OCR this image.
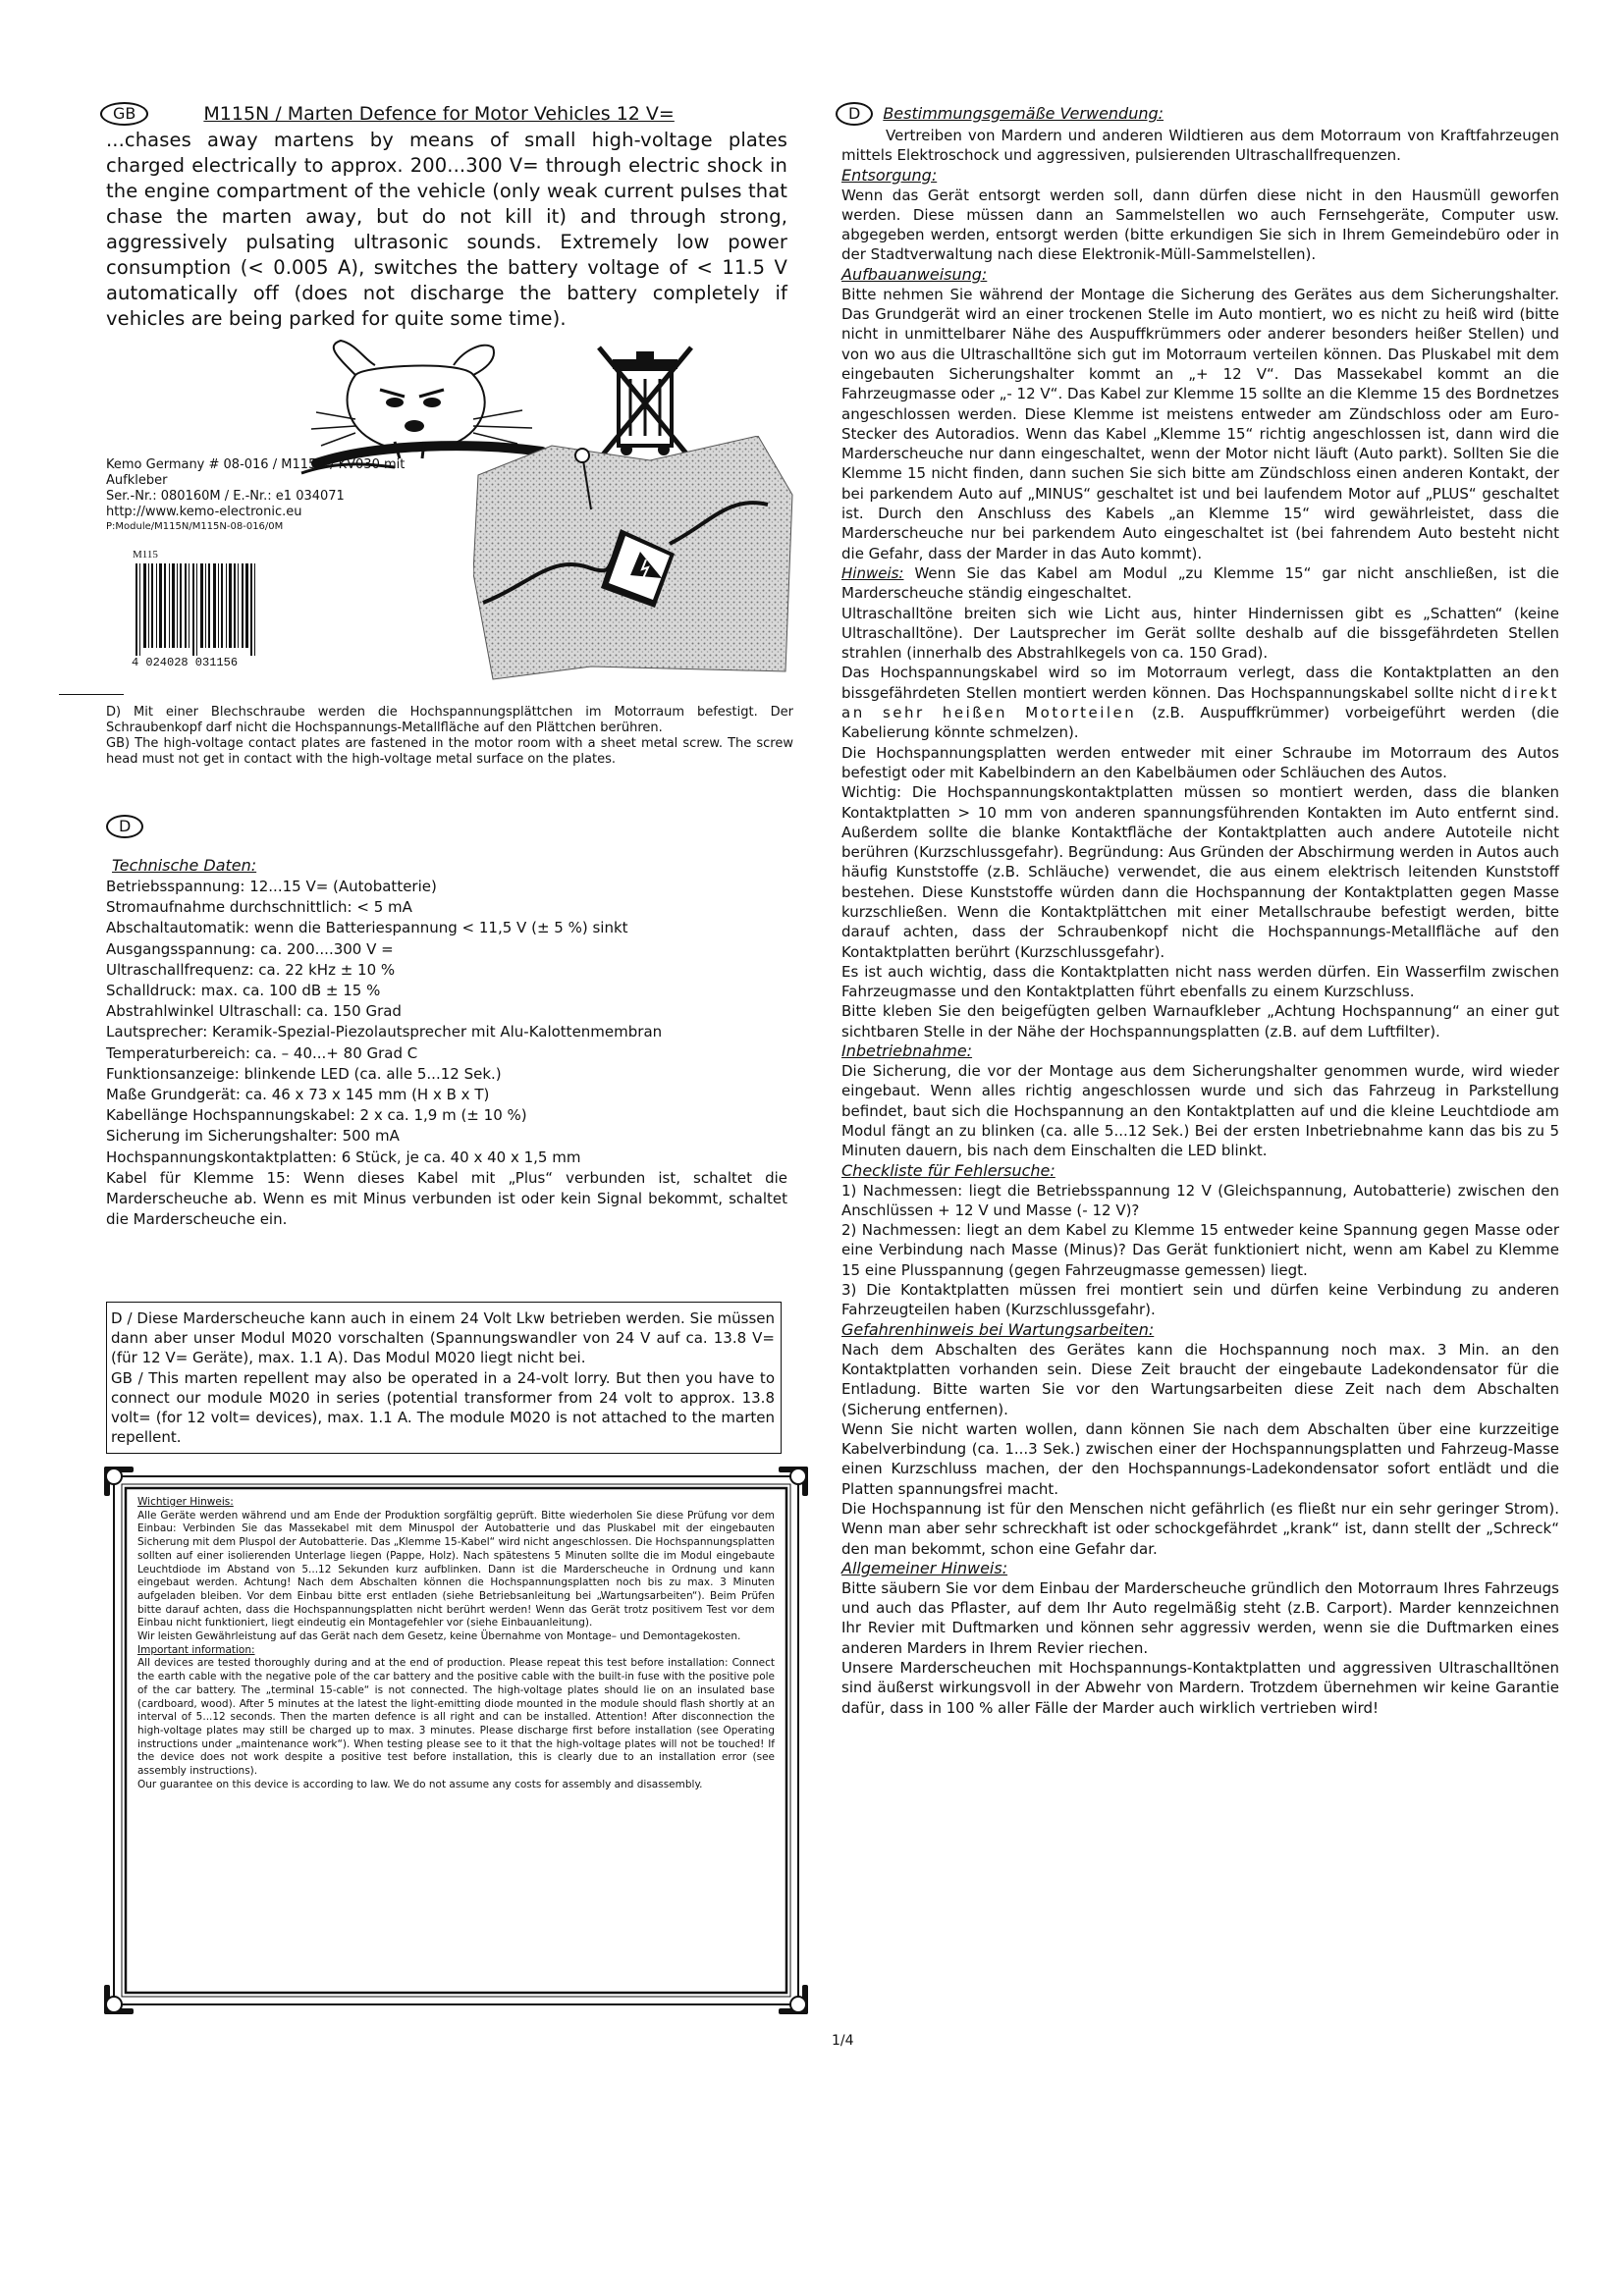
GB	M115N / Marten Defence for Motor Vehicles 12 V=
...chases away martens by means of small high-voltage plates charged electrically to approx. 200...300 V= through electric shock in the engine compartment of the vehicle (only weak current pulses that chase the marten away, but do not kill it) and through strong, aggressively pulsating ultrasonic sounds. Extremely low power consumption (< 0.005 A), switches the battery voltage of < 11.5 V automatically off (does not discharge the battery completely if vehicles are being parked for quite some time).
Kemo Germany # 08-016 / M115N / KV030 mit Aufkleber
Ser.-Nr.: 080160M / E.-Nr.: e1 034071
http://www.kemo-electronic.eu
P:Module/M115N/M115N-08-016/0M
M115
4 024028 031156
D) Mit einer Blechschraube werden die Hochspannungsplättchen im Motorraum befestigt. Der Schraubenkopf darf nicht die Hochspannungs-Metallfläche auf den Plättchen berühren.
GB) The high-voltage contact plates are fastened in the motor room with a sheet metal screw. The screw head must not get in contact with the high-voltage metal surface on the plates.
D
Technische Daten:
Betriebsspannung: 12...15 V= (Autobatterie)
Stromaufnahme durchschnittlich: < 5 mA
Abschaltautomatik: wenn die Batteriespannung < 11,5 V (± 5 %) sinkt
Ausgangsspannung: ca. 200....300 V =
Ultraschallfrequenz: ca. 22 kHz ± 10 %
Schalldruck: max. ca. 100 dB ± 15 %
Abstrahlwinkel Ultraschall: ca. 150 Grad
Lautsprecher: Keramik-Spezial-Piezolautsprecher mit Alu-Kalottenmembran
Temperaturbereich: ca. – 40...+ 80 Grad C
Funktionsanzeige: blinkende LED (ca. alle 5...12 Sek.)
Maße Grundgerät: ca. 46 x 73 x 145 mm (H x B x T)
Kabellänge Hochspannungskabel: 2 x ca. 1,9 m (± 10 %)
Sicherung im Sicherungshalter: 500 mA
Hochspannungskontaktplatten: 6 Stück, je ca. 40 x 40 x 1,5 mm
Kabel für Klemme 15: Wenn dieses Kabel mit „Plus“ verbunden ist, schaltet die Marderscheuche ab. Wenn es mit Minus verbunden ist oder kein Signal bekommt, schaltet die Marderscheuche ein.
D / Diese Marderscheuche kann auch in einem 24 Volt Lkw betrieben werden. Sie müssen dann aber unser Modul M020 vorschalten (Spannungswandler von 24 V auf ca. 13.8 V= (für 12 V= Geräte), max. 1.1 A). Das Modul M020 liegt nicht bei.
GB / This marten repellent may also be operated in a 24-volt lorry. But then you have to connect our module M020 in series (potential transformer from 24 volt to approx. 13.8 volt= (for 12 volt= devices), max. 1.1 A. The module M020 is not attached to the marten repellent.
Wichtiger Hinweis:
Alle Geräte werden während und am Ende der Produktion sorgfältig geprüft. Bitte wiederholen Sie diese Prüfung vor dem Einbau: Verbinden Sie das Massekabel mit dem Minuspol der Autobatterie und das Pluskabel mit der eingebauten Sicherung mit dem Pluspol der Autobatterie. Das „Klemme 15-Kabel“ wird nicht angeschlossen. Die Hochspannungsplatten sollten auf einer isolierenden Unterlage liegen (Pappe, Holz). Nach spätestens 5 Minuten sollte die im Modul eingebaute Leuchtdiode im Abstand von 5...12 Sekunden kurz aufblinken. Dann ist die Marderscheuche in Ordnung und kann eingebaut werden. Achtung! Nach dem Abschalten können die Hochspannungsplatten noch bis zu max. 3 Minuten aufgeladen bleiben. Vor dem Einbau bitte erst entladen (siehe Betriebsanleitung bei „Wartungsarbeiten“). Beim Prüfen bitte darauf achten, dass die Hochspannungsplatten nicht berührt werden! Wenn das Gerät trotz positivem Test vor dem Einbau nicht funktioniert, liegt eindeutig ein Montagefehler vor (siehe Einbauanleitung).
Wir leisten Gewährleistung auf das Gerät nach dem Gesetz, keine Übernahme von Montage– und Demontagekosten.
Important information:
All devices are tested thoroughly during and at the end of production. Please repeat this test before installation: Connect the earth cable with the negative pole of the car battery and the positive cable with the built-in fuse with the positive pole of the car battery. The „terminal 15-cable“ is not connected. The high-voltage plates should lie on an insulated base (cardboard, wood). After 5 minutes at the latest the light-emitting diode mounted in the module should flash shortly at an interval of 5...12 seconds. Then the marten defence is all right and can be installed. Attention! After disconnection the high-voltage plates may still be charged up to max. 3 minutes. Please discharge first before installation (see Operating instructions under „maintenance work“). When testing please see to it that the high-voltage plates will not be touched! If the device does not work despite a positive test before installation, this is clearly due to an installation error (see assembly instructions).
Our guarantee on this device is according to law. We do not assume any costs for assembly and disassembly.
D	Bestimmungsgemäße Verwendung:
Vertreiben von Mardern und anderen Wildtieren aus dem Motorraum von Kraftfahrzeugen mittels Elektroschock und aggressiven, pulsierenden Ultraschallfrequenzen.
Entsorgung:
Wenn das Gerät entsorgt werden soll, dann dürfen diese nicht in den Hausmüll geworfen werden. Diese müssen dann an Sammelstellen wo auch Fernsehgeräte, Computer usw. abgegeben werden, entsorgt werden (bitte erkundigen Sie sich in Ihrem Gemeindebüro oder in der Stadtverwaltung nach diese Elektronik-Müll-Sammelstellen).
Aufbauanweisung:

Bitte nehmen Sie während der Montage die Sicherung des Gerätes aus dem Sicherungshalter. Das Grundgerät wird an einer trockenen Stelle im Auto montiert, wo es nicht zu heiß wird (bitte nicht in unmittelbarer Nähe des Auspuffkrümmers oder anderer besonders heißer Stellen) und von wo aus die Ultraschalltöne sich gut im Motorraum verteilen können. Das Pluskabel mit dem eingebauten Sicherungshalter kommt an „+ 12 V“. Das Massekabel kommt an die Fahrzeugmasse oder „- 12 V“. Das Kabel zur Klemme 15 sollte an die Klemme 15 des Bordnetzes angeschlossen werden. Diese Klemme ist meistens entweder am Zündschloss oder am Euro-Stecker des Autoradios. Wenn das Kabel „Klemme 15“ richtig angeschlossen ist, dann wird die Marderscheuche nur dann eingeschaltet, wenn der Motor nicht läuft (Auto parkt). Sollten Sie die Klemme 15 nicht finden, dann suchen Sie sich bitte am Zündschloss einen anderen Kontakt, der bei parkendem Auto auf „MINUS“ geschaltet ist und bei laufendem Motor auf „PLUS“ geschaltet ist. Durch den Anschluss des Kabels „an Klemme 15“ wird gewährleistet, dass die Marderscheuche nur bei parkendem Auto eingeschaltet ist (bei fahrendem Auto besteht nicht die Gefahr, dass der Marder in das Auto kommt).

Hinweis: Wenn Sie das Kabel am Modul „zu Klemme 15“ gar nicht anschließen, ist die Marderscheuche ständig eingeschaltet.

Ultraschalltöne breiten sich wie Licht aus, hinter Hindernissen gibt es „Schatten“ (keine Ultraschalltöne). Der Lautsprecher im Gerät sollte deshalb auf die bissgefährdeten Stellen strahlen (innerhalb des Abstrahlkegels von ca. 150 Grad).

Das Hochspannungskabel wird so im Motorraum verlegt, dass die Kontaktplatten an den bissgefährdeten Stellen montiert werden können. Das Hochspannungskabel sollte nicht direkt an sehr heißen Motorteilen (z.B. Auspuffkrümmer) vorbeigeführt werden (die Kabelierung könnte schmelzen).

Die Hochspannungsplatten werden entweder mit einer Schraube im Motorraum des Autos befestigt oder mit Kabelbindern an den Kabelbäumen oder Schläuchen des Autos.

Wichtig: Die Hochspannungskontaktplatten müssen so montiert werden, dass die blanken Kontaktplatten > 10 mm von anderen spannungsführenden Kontakten im Auto entfernt sind. Außerdem sollte die blanke Kontaktfläche der Kontaktplatten auch andere Autoteile nicht berühren (Kurzschlussgefahr). Begründung: Aus Gründen der Abschirmung werden in Autos auch häufig Kunststoffe (z.B. Schläuche) verwendet, die aus einem elektrisch leitenden Kunststoff bestehen. Diese Kunststoffe würden dann die Hochspannung der Kontaktplatten gegen Masse kurzschließen. Wenn die Kontaktplättchen mit einer Metallschraube befestigt werden, bitte darauf achten, dass der Schraubenkopf nicht die Hochspannungs-Metallfläche auf den Kontaktplatten berührt (Kurzschlussgefahr).

Es ist auch wichtig, dass die Kontaktplatten nicht nass werden dürfen. Ein Wasserfilm zwischen Fahrzeugmasse und den Kontaktplatten führt ebenfalls zu einem Kurzschluss.

Bitte kleben Sie den beigefügten gelben Warnaufkleber „Achtung Hochspannung“ an einer gut sichtbaren Stelle in der Nähe der Hochspannungsplatten (z.B. auf dem Luftfilter).

Inbetriebnahme:
Die Sicherung, die vor der Montage aus dem Sicherungshalter genommen wurde, wird wieder eingebaut. Wenn alles richtig angeschlossen wurde und sich das Fahrzeug in Parkstellung befindet, baut sich die Hochspannung an den Kontaktplatten auf und die kleine Leuchtdiode am Modul fängt an zu blinken (ca. alle 5...12 Sek.) Bei der ersten Inbetriebnahme kann das bis zu 5 Minuten dauern, bis nach dem Einschalten die LED blinkt.
Checkliste für Fehlersuche:

1) Nachmessen: liegt die Betriebsspannung 12 V (Gleichspannung, Autobatterie) zwischen den Anschlüssen + 12 V und Masse (- 12 V)?

2) Nachmessen: liegt an dem Kabel zu Klemme 15 entweder keine Spannung gegen Masse oder eine Verbindung nach Masse (Minus)? Das Gerät funktioniert nicht, wenn am Kabel zu Klemme 15 eine Plusspannung (gegen Fahrzeugmasse gemessen) liegt.

3) Die Kontaktplatten müssen frei montiert sein und dürfen keine Verbindung zu anderen Fahrzeugteilen haben (Kurzschlussgefahr).

Gefahrenhinweis bei Wartungsarbeiten:

Nach dem Abschalten des Gerätes kann die Hochspannung noch max. 3 Min. an den Kontaktplatten vorhanden sein. Diese Zeit braucht der eingebaute Ladekondensator für die Entladung. Bitte warten Sie vor den Wartungsarbeiten diese Zeit nach dem Abschalten (Sicherung entfernen).

Wenn Sie nicht warten wollen, dann können Sie nach dem Abschalten über eine kurzzeitige Kabelverbindung (ca. 1...3 Sek.) zwischen einer der Hochspannungsplatten und Fahrzeug-Masse einen Kurzschluss machen, der den Hochspannungs-Ladekondensator sofort entlädt und die Platten spannungsfrei macht.

Die Hochspannung ist für den Menschen nicht gefährlich (es fließt nur ein sehr geringer Strom). Wenn man aber sehr schreckhaft ist oder schockgefährdet „krank“ ist, dann stellt der „Schreck“ den man bekommt, schon eine Gefahr dar.

Allgemeiner Hinweis:

Bitte säubern Sie vor dem Einbau der Marderscheuche gründlich den Motorraum Ihres Fahrzeugs und auch das Pflaster, auf dem Ihr Auto regelmäßig steht (z.B. Carport). Marder kennzeichnen Ihr Revier mit Duftmarken und können sehr aggressiv werden, wenn sie die Duftmarken eines anderen Marders in Ihrem Revier riechen.

Unsere Marderscheuchen mit Hochspannungs-Kontaktplatten und aggressiven Ultraschalltönen sind äußerst wirkungsvoll in der Abwehr von Mardern. Trotzdem übernehmen wir keine Garantie dafür, dass in 100 % aller Fälle der Marder auch wirklich vertrieben wird!

1/4
